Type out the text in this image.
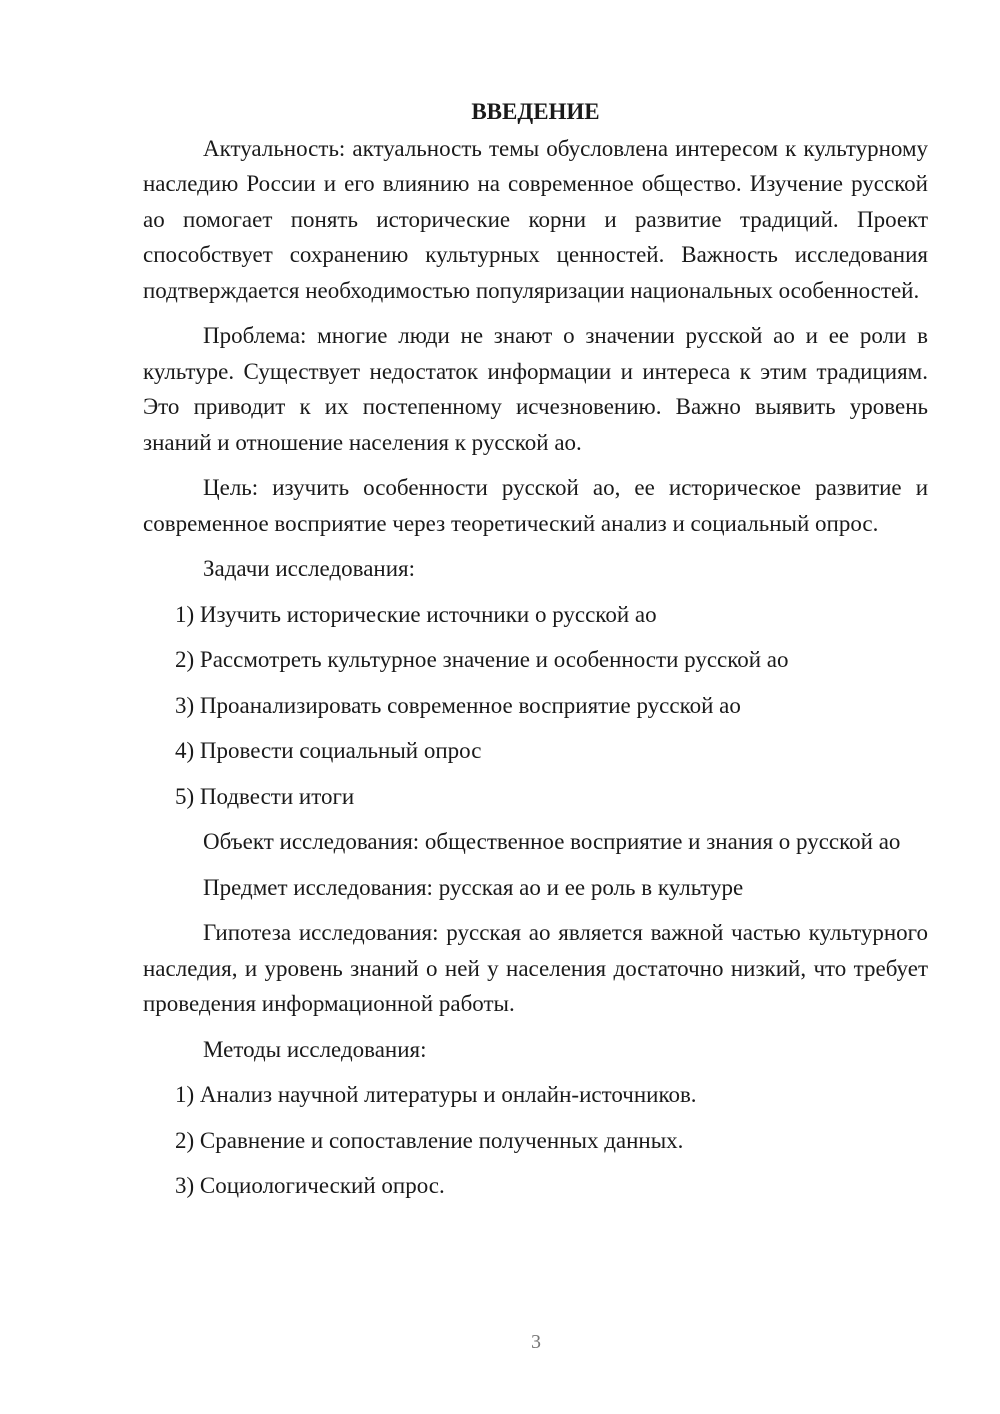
ВВЕДЕНИЕ

Актуальность: актуальность темы обусловлена интересом к культурному наследию России и его влиянию на современное общество. Изучение русской ао помогает понять исторические корни и развитие традиций. Проект способствует сохранению культурных ценностей. Важность исследования подтверждается необходимостью популяризации национальных особенностей.

Проблема: многие люди не знают о значении русской ао и ее роли в культуре. Существует недостаток информации и интереса к этим традициям. Это приводит к их постепенному исчезновению. Важно выявить уровень знаний и отношение населения к русской ао.

Цель: изучить особенности русской ао, ее историческое развитие и современное восприятие через теоретический анализ и социальный опрос.

Задачи исследования:

1) Изучить исторические источники о русской ао
2) Рассмотреть культурное значение и особенности русской ао
3) Проанализировать современное восприятие русской ао
4) Провести социальный опрос
5) Подвести итоги

Объект исследования: общественное восприятие и знания о русской ао

Предмет исследования: русская ао и ее роль в культуре

Гипотеза исследования: русская ао является важной частью культурного наследия, и уровень знаний о ней у населения достаточно низкий, что требует проведения информационной работы.

Методы исследования:

1) Анализ научной литературы и онлайн-источников.
2) Сравнение и сопоставление полученных данных.
3) Социологический опрос.
3
